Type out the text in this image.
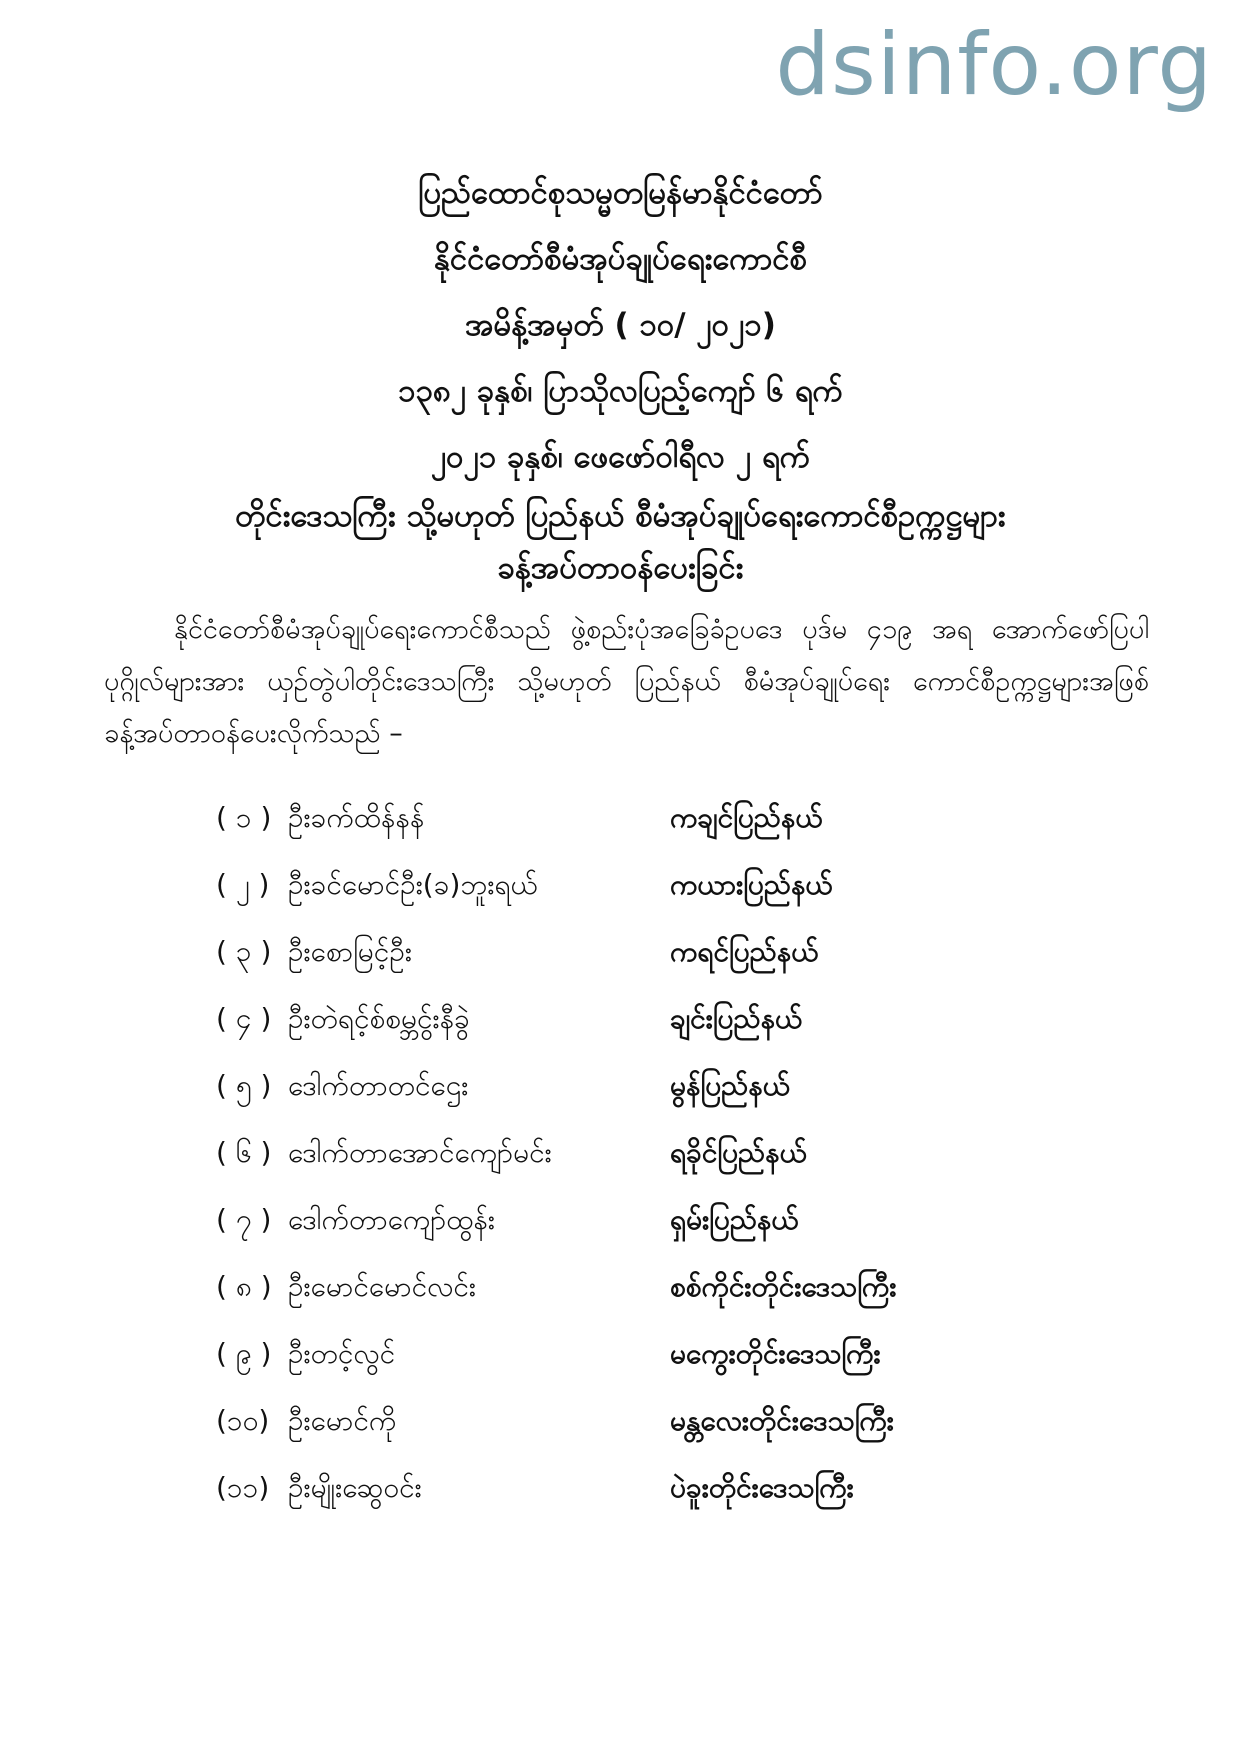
dsinfo.org
ပြည်ထောင်စုသမ္မတမြန်မာနိုင်ငံတော်
နိုင်ငံတော်စီမံအုပ်ချုပ်ရေးကောင်စီ
အမိန့်အမှတ် ( ၁၀/ ၂၀၂၁)
၁၃၈၂ ခုနှစ်၊ ပြာသိုလပြည့်ကျော် ၆ ရက်
၂၀၂၁ ခုနှစ်၊ ဖေဖော်ဝါရီလ ၂ ရက်
တိုင်းဒေသကြီး သို့မဟုတ် ပြည်နယ် စီမံအုပ်ချုပ်ရေးကောင်စီဥက္ကဋ္ဌများ
ခန့်အပ်တာဝန်ပေးခြင်း
နိုင်ငံတော်စီမံအုပ်ချုပ်ရေးကောင်စီသည် ဖွဲ့စည်းပုံအခြေခံဥပဒေ ပုဒ်မ ၄၁၉ အရ အောက်ဖော်ပြပါပုဂ္ဂိုလ်များအား ယှဉ်တွဲပါတိုင်းဒေသကြီး သို့မဟုတ် ပြည်နယ် စီမံအုပ်ချုပ်ရေး ကောင်စီဥက္ကဋ္ဌများအဖြစ် ခန့်အပ်တာဝန်ပေးလိုက်သည် –
( ၁ ) ဦးခက်ထိန်နန်	ကချင်ပြည်နယ်
( ၂ ) ဦးခင်မောင်ဦး(ခ)ဘူးရယ်	ကယားပြည်နယ်
( ၃ ) ဦးစောမြင့်ဦး	ကရင်ပြည်နယ်
( ၄ ) ဦးတဲရင့်စ်စမ္ဘွင်းနီခွဲ	ချင်းပြည်နယ်
( ၅ ) ဒေါက်တာတင်ဌေး	မွန်ပြည်နယ်
( ၆ ) ဒေါက်တာအောင်ကျော်မင်း	ရခိုင်ပြည်နယ်
( ၇ ) ဒေါက်တာကျော်ထွန်း	ရှမ်းပြည်နယ်
( ၈ ) ဦးမောင်မောင်လင်း	စစ်ကိုင်းတိုင်းဒေသကြီး
( ၉ ) ဦးတင့်လွင်	မကွေးတိုင်းဒေသကြီး
(၁၀) ဦးမောင်ကို	မန္တလေးတိုင်းဒေသကြီး
(၁၁) ဦးမျိုးဆွေဝင်း	ပဲခူးတိုင်းဒေသကြီး
